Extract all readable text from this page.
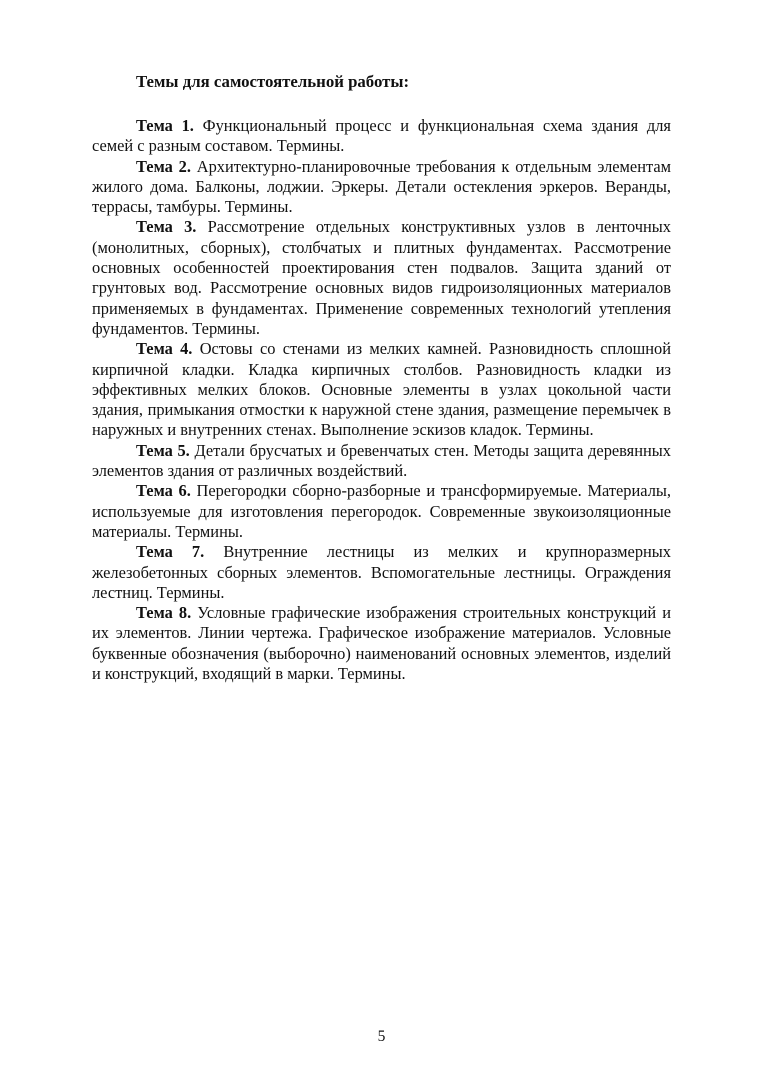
Темы для самостоятельной работы:
Тема 1. Функциональный процесс и функциональная схема здания для семей с разным составом. Термины.
Тема 2. Архитектурно-планировочные требования к отдельным элементам жилого дома. Балконы, лоджии. Эркеры. Детали остекления эркеров. Веранды, террасы, тамбуры. Термины.
Тема 3. Рассмотрение отдельных конструктивных узлов в ленточных (монолитных, сборных), столбчатых и плитных фундаментах. Рассмотрение основных особенностей проектирования стен подвалов. Защита зданий от грунтовых вод. Рассмотрение основных видов гидроизоляционных материалов применяемых в фундаментах. Применение современных технологий утепления фундаментов. Термины.
Тема 4. Остовы со стенами из мелких камней. Разновидность сплошной кирпичной кладки. Кладка кирпичных столбов. Разновидность кладки из эффективных мелких блоков. Основные элементы в узлах цокольной части здания, примыкания отмостки к наружной стене здания, размещение перемычек в наружных и внутренних стенах. Выполнение эскизов кладок. Термины.
Тема 5. Детали брусчатых и бревенчатых стен. Методы защита деревянных элементов здания от различных воздействий.
Тема 6. Перегородки сборно-разборные и трансформируемые. Материалы, используемые для изготовления перегородок. Современные звукоизоляционные материалы. Термины.
Тема 7. Внутренние лестницы из мелких и крупноразмерных железобетонных сборных элементов. Вспомогательные лестницы. Ограждения лестниц. Термины.
Тема 8. Условные графические изображения строительных конструкций и их элементов. Линии чертежа. Графическое изображение материалов. Условные буквенные обозначения (выборочно) наименований основных элементов, изделий и конструкций, входящий в марки. Термины.
5
